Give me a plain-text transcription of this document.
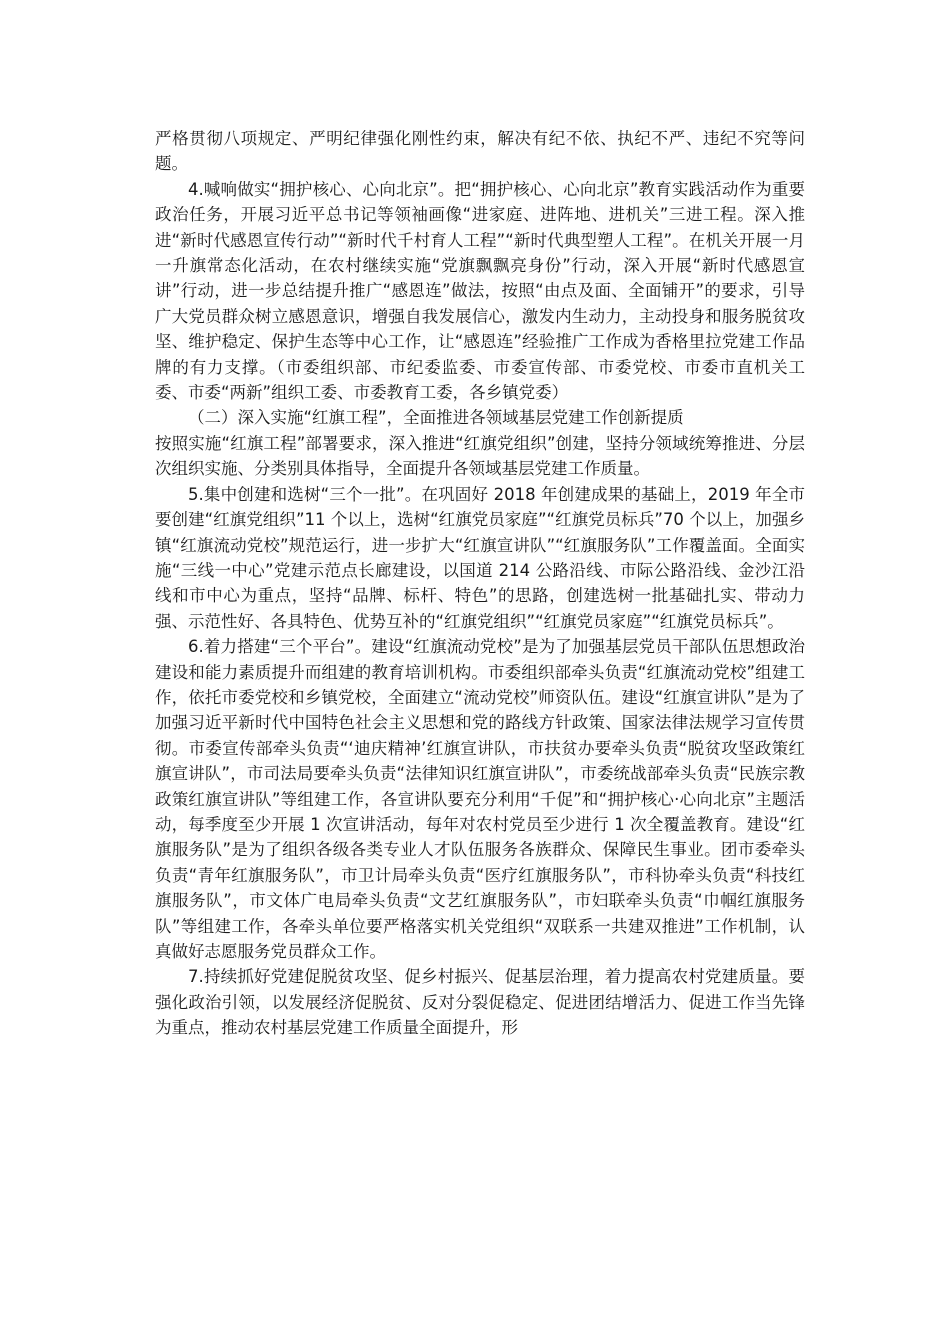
严格贯彻八项规定、严明纪律强化刚性约束，解决有纪不依、执纪不严、违纪不究等问题。

4.喊响做实“拥护核心、心向北京”。把“拥护核心、心向北京”教育实践活动作为重要政治任务，开展习近平总书记等领袖画像“进家庭、进阵地、进机关”三进工程。深入推进“新时代感恩宣传行动”“新时代千村育人工程”“新时代典型塑人工程”。在机关开展一月一升旗常态化活动，在农村继续实施“党旗飘飘亮身份”行动，深入开展“新时代感恩宣讲”行动，进一步总结提升推广“感恩连”做法，按照“由点及面、全面铺开”的要求，引导广大党员群众树立感恩意识，增强自我发展信心，激发内生动力，主动投身和服务脱贫攻坚、维护稳定、保护生态等中心工作，让“感恩连”经验推广工作成为香格里拉党建工作品牌的有力支撑。（市委组织部、市纪委监委、市委宣传部、市委党校、市委市直机关工委、市委“两新”组织工委、市委教育工委，各乡镇党委）

（二）深入实施“红旗工程”，全面推进各领域基层党建工作创新提质

按照实施“红旗工程”部署要求，深入推进“红旗党组织”创建，坚持分领域统筹推进、分层次组织实施、分类别具体指导，全面提升各领域基层党建工作质量。

5.集中创建和选树“三个一批”。在巩固好 2018 年创建成果的基础上，2019 年全市要创建“红旗党组织”11 个以上，选树“红旗党员家庭”“红旗党员标兵”70 个以上，加强乡镇“红旗流动党校”规范运行，进一步扩大“红旗宣讲队”“红旗服务队”工作覆盖面。全面实施“三线一中心”党建示范点长廊建设，以国道 214 公路沿线、市际公路沿线、金沙江沿线和市中心为重点，坚持“品牌、标杆、特色”的思路，创建选树一批基础扎实、带动力强、示范性好、各具特色、优势互补的“红旗党组织”“红旗党员家庭”“红旗党员标兵”。

6.着力搭建“三个平台”。建设“红旗流动党校”是为了加强基层党员干部队伍思想政治建设和能力素质提升而组建的教育培训机构。市委组织部牵头负责“红旗流动党校”组建工作，依托市委党校和乡镇党校，全面建立“流动党校”师资队伍。建设“红旗宣讲队”是为了加强习近平新时代中国特色社会主义思想和党的路线方针政策、国家法律法规学习宣传贯彻。市委宣传部牵头负责“‘迪庆精神’红旗宣讲队，市扶贫办要牵头负责“脱贫攻坚政策红旗宣讲队”，市司法局要牵头负责“法律知识红旗宣讲队”，市委统战部牵头负责“民族宗教政策红旗宣讲队”等组建工作，各宣讲队要充分利用“千促”和“拥护核心·心向北京”主题活动，每季度至少开展 1 次宣讲活动，每年对农村党员至少进行 1 次全覆盖教育。建设“红旗服务队”是为了组织各级各类专业人才队伍服务各族群众、保障民生事业。团市委牵头负责“青年红旗服务队”，市卫计局牵头负责“医疗红旗服务队”，市科协牵头负责“科技红旗服务队”，市文体广电局牵头负责“文艺红旗服务队”，市妇联牵头负责“巾帼红旗服务队”等组建工作，各牵头单位要严格落实机关党组织“双联系一共建双推进”工作机制，认真做好志愿服务党员群众工作。

7.持续抓好党建促脱贫攻坚、促乡村振兴、促基层治理，着力提高农村党建质量。要强化政治引领，以发展经济促脱贫、反对分裂促稳定、促进团结增活力、促进工作当先锋为重点，推动农村基层党建工作质量全面提升，形
